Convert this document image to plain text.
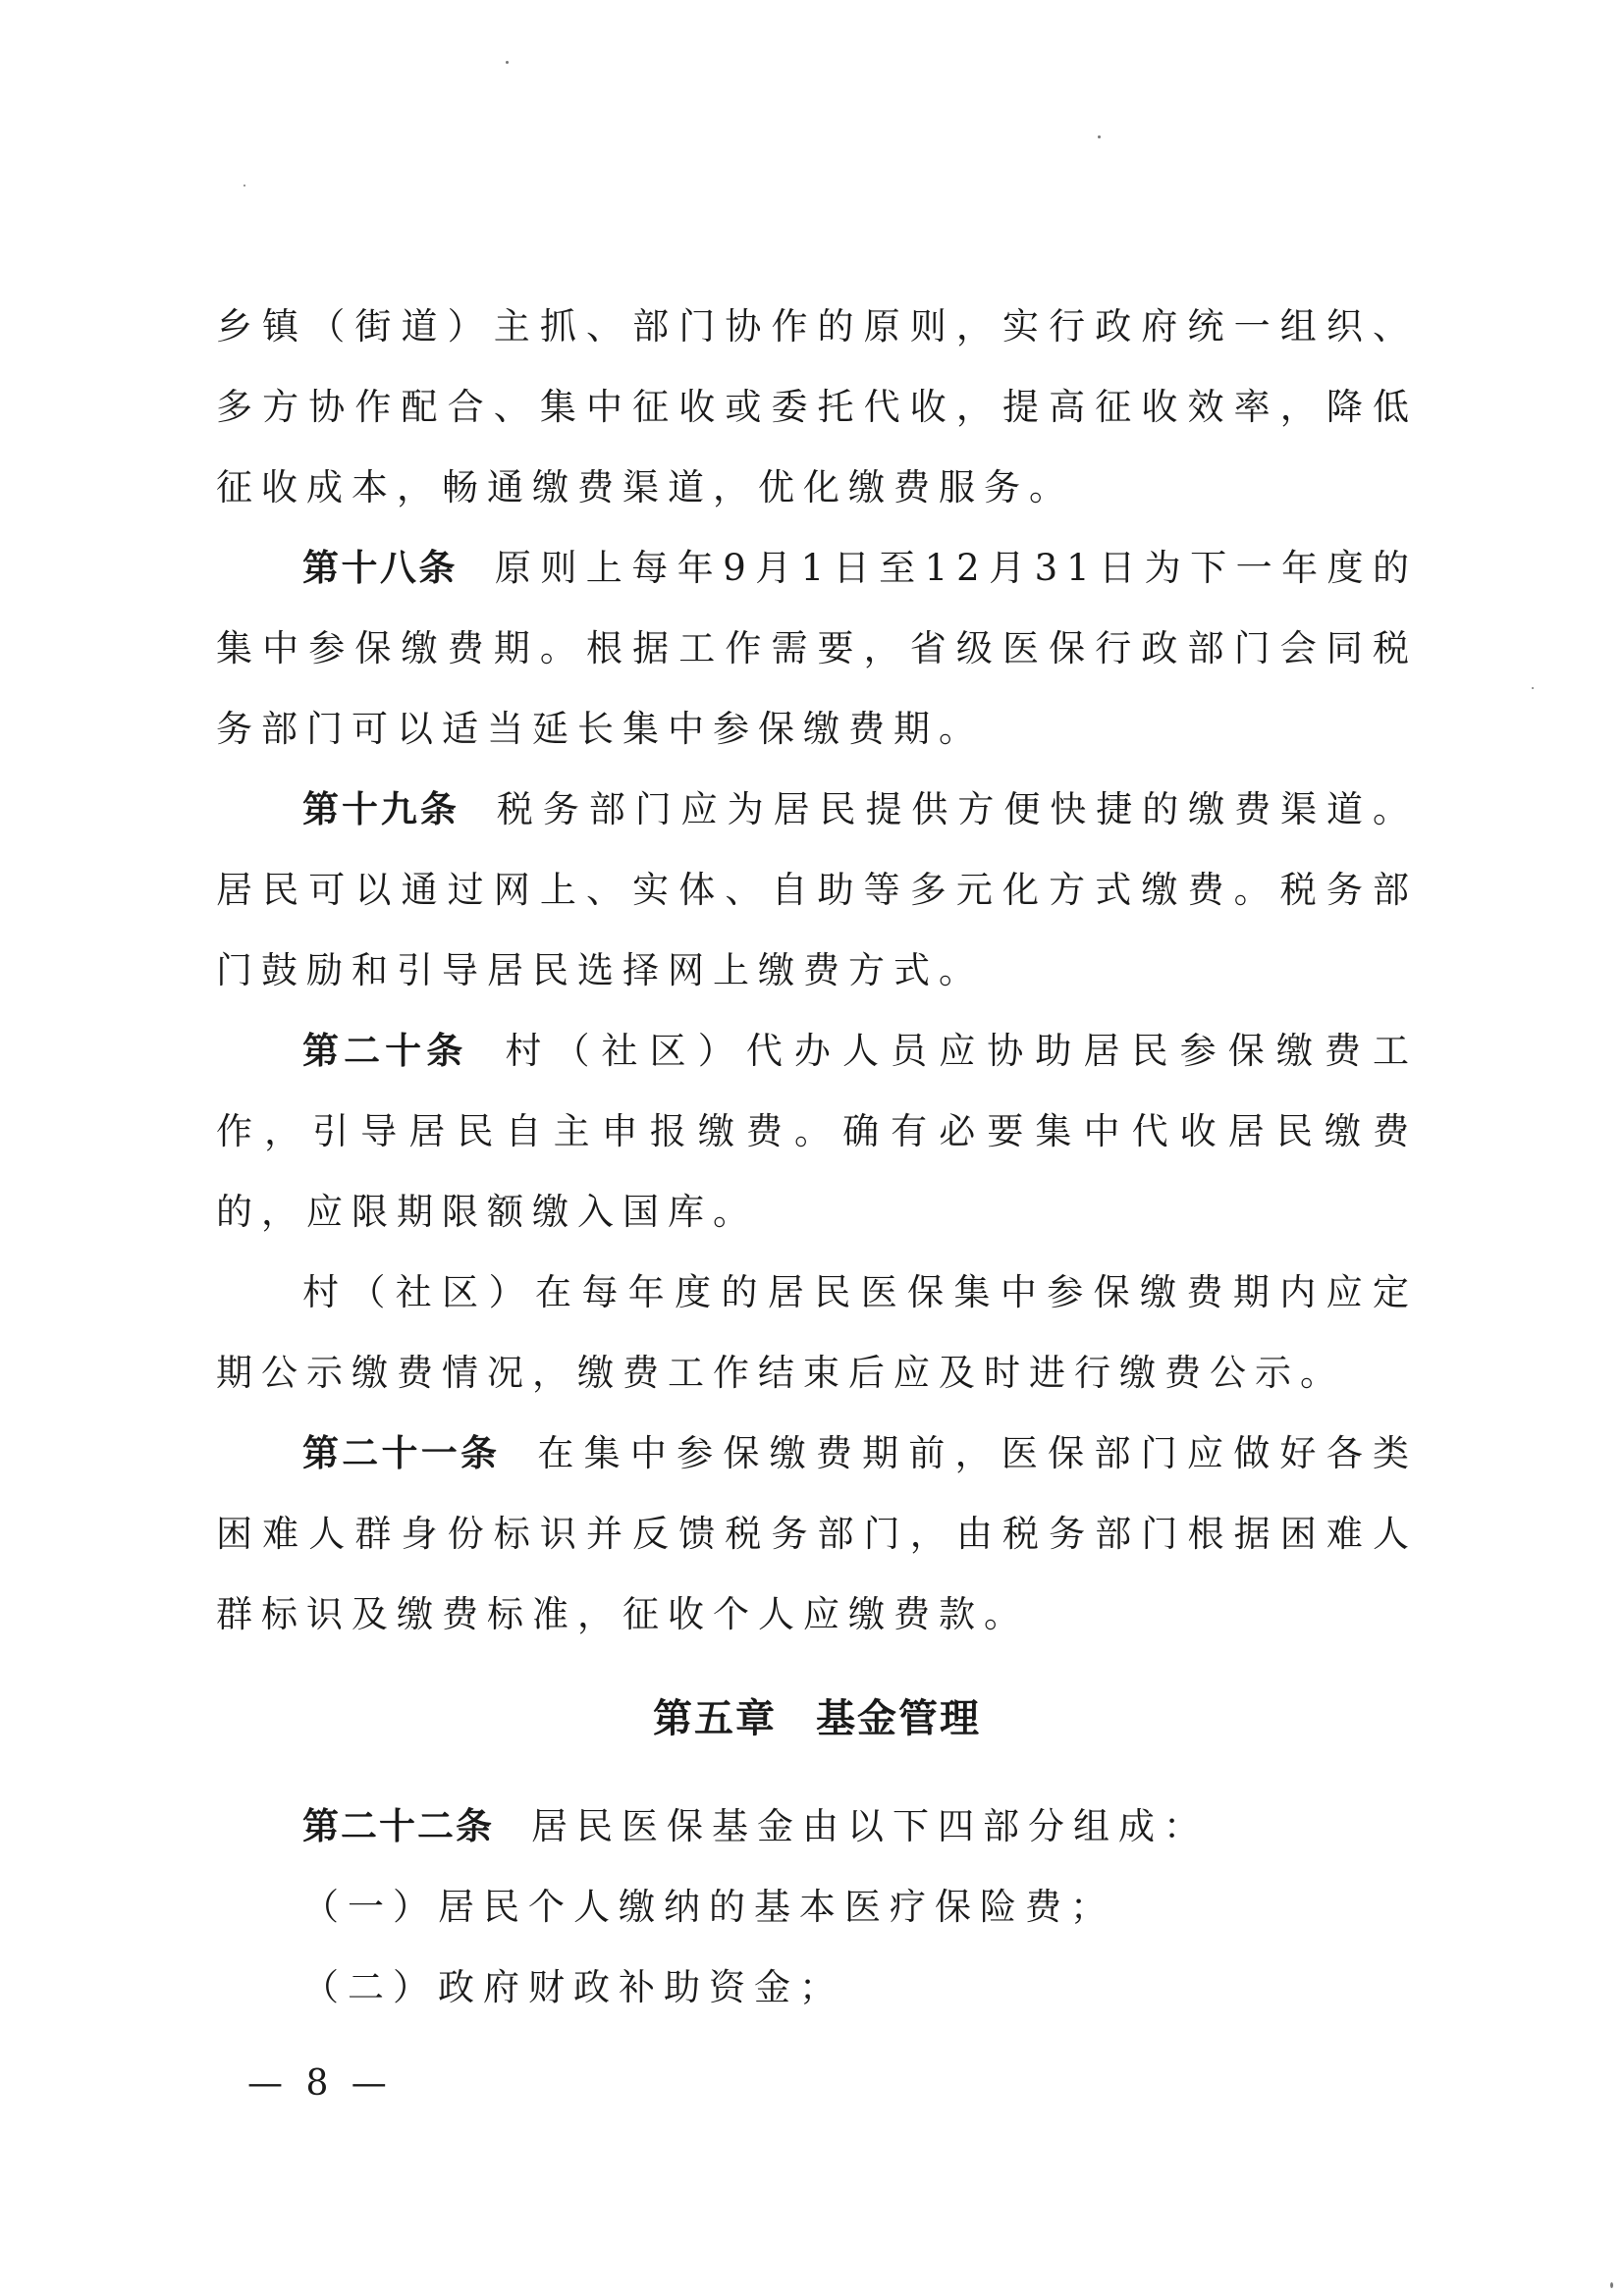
乡镇（街道）主抓、部门协作的原则，实行政府统一组织、多方协作配合、集中征收或委托代收，提高征收效率，降低征收成本，畅通缴费渠道，优化缴费服务。

第十八条 原则上每年9月1日至12月31日为下一年度的集中参保缴费期。根据工作需要，省级医保行政部门会同税务部门可以适当延长集中参保缴费期。

第十九条 税务部门应为居民提供方便快捷的缴费渠道。居民可以通过网上、实体、自助等多元化方式缴费。税务部门鼓励和引导居民选择网上缴费方式。

第二十条 村（社区）代办人员应协助居民参保缴费工作，引导居民自主申报缴费。确有必要集中代收居民缴费的，应限期限额缴入国库。

村（社区）在每年度的居民医保集中参保缴费期内应定期公示缴费情况，缴费工作结束后应及时进行缴费公示。

第二十一条 在集中参保缴费期前，医保部门应做好各类困难人群身份标识并反馈税务部门，由税务部门根据困难人群标识及缴费标准，征收个人应缴费款。

第五章 基金管理

第二十二条 居民医保基金由以下四部分组成：

（一）居民个人缴纳的基本医疗保险费；

（二）政府财政补助资金；

— 8 —
